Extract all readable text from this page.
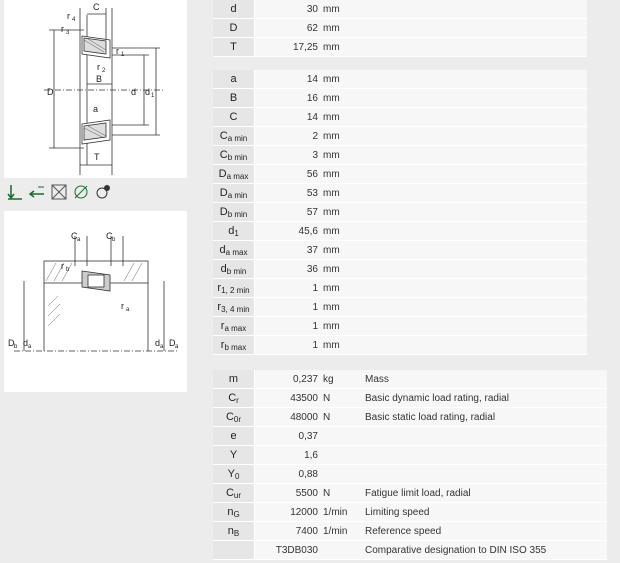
C
r 4
r 3
r 1
r 2
B
D	d d 1
a
T
C a	C b
r b
r a
D b d a	d a D a
d	30	mm	
D	62	mm	
T	17,25	mm	
a	14	mm	
B	16	mm	
C	14	mm	
$C_{a min}$	2	mm	
$C_{b min}$	3	mm	
$D_{a max}$	56	mm	
$D_{a min}$	53	mm	
$D_{b min}$	57	mm	
$d_1$	45,6	mm	
$d_{a max}$	37	mm	
$d_{b min}$	36	mm	
$r_{1, 2 min}$	1	mm	
$r_{3, 4 min}$	1	mm	
$r_{a max}$	1	mm	
$r_{b max}$	1	mm	
m	0,237	kg	Mass
$C_r$	43500	N	Basic dynamic load rating, radial
$C_{0r}$	48000	N	Basic static load rating, radial
e	0,37		
Y	1,6		
$Y_0$	0,88		
$C_{ur}$	5500	N	Fatigue limit load, radial
$n_G$	12000	1/min	Limiting speed
$n_B$	7400	1/min	Reference speed
	T3DB030		Comparative designation to DIN ISO 355
